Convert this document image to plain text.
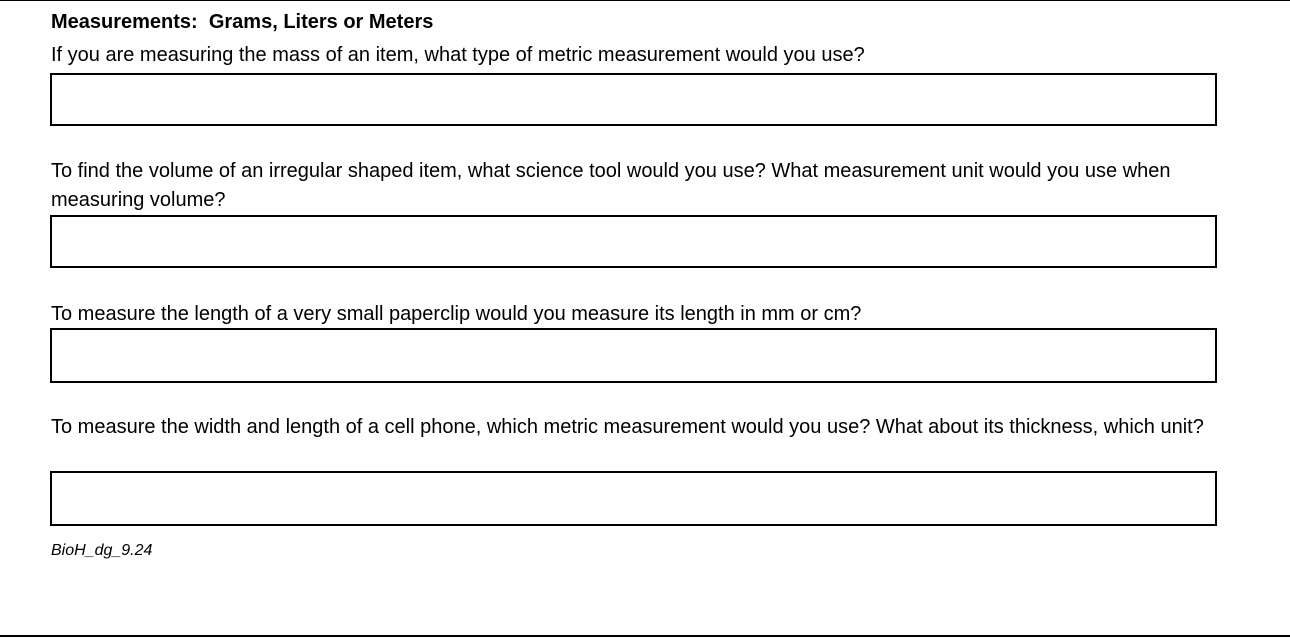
Measurements:  Grams, Liters or Meters
If you are measuring the mass of an item, what type of metric measurement would you use?
To find the volume of an irregular shaped item, what science tool would you use? What measurement unit would you use when measuring volume?
To measure the length of a very small paperclip would you measure its length in mm or cm?
To measure the width and length of a cell phone, which metric measurement would you use? What about its thickness, which unit?
BioH_dg_9.24
